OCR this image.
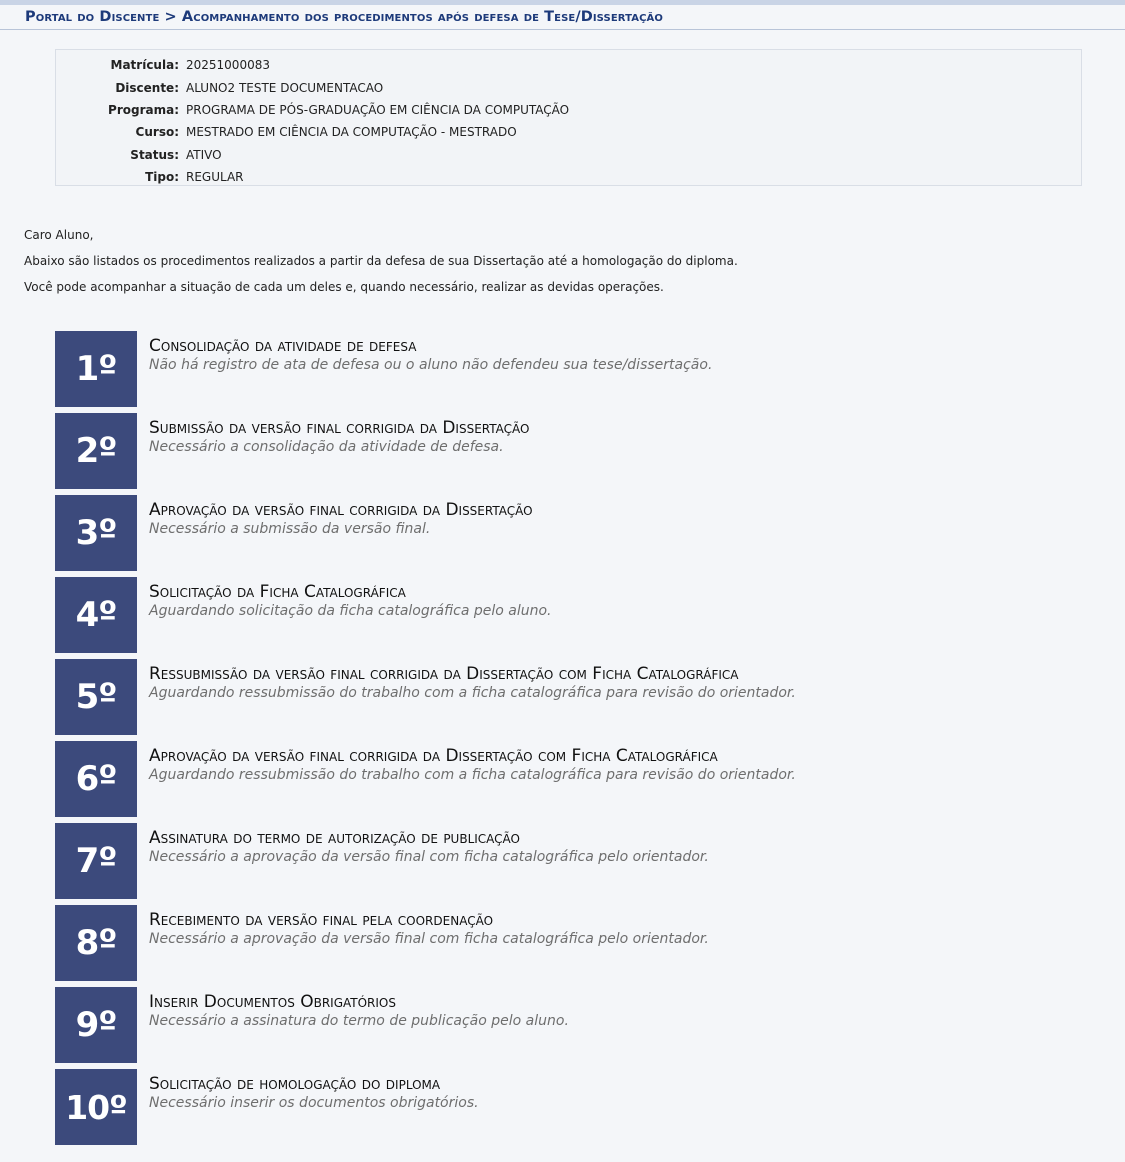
Portal do Discente > Acompanhamento dos procedimentos após defesa de Tese/Dissertação
Matrícula: 20251000083
Discente: ALUNO2 TESTE DOCUMENTACAO
Programa: PROGRAMA DE PÓS-GRADUAÇÃO EM CIÊNCIA DA COMPUTAÇÃO
Curso: MESTRADO EM CIÊNCIA DA COMPUTAÇÃO - MESTRADO
Status: ATIVO
Tipo: REGULAR

Caro Aluno,

Abaixo são listados os procedimentos realizados a partir da defesa de sua Dissertação até a homologação do diploma.

Você pode acompanhar a situação de cada um deles e, quando necessário, realizar as devidas operações.

1º
Consolidação da atividade de defesa
Não há registro de ata de defesa ou o aluno não defendeu sua tese/dissertação.
2º
Submissão da versão final corrigida da Dissertação
Necessário a consolidação da atividade de defesa.
3º
Aprovação da versão final corrigida da Dissertação
Necessário a submissão da versão final.
4º
Solicitação da Ficha Catalográfica
Aguardando solicitação da ficha catalográfica pelo aluno.
5º
Ressubmissão da versão final corrigida da Dissertação com Ficha Catalográfica
Aguardando ressubmissão do trabalho com a ficha catalográfica para revisão do orientador.
6º
Aprovação da versão final corrigida da Dissertação com Ficha Catalográfica
Aguardando ressubmissão do trabalho com a ficha catalográfica para revisão do orientador.
7º
Assinatura do termo de autorização de publicação
Necessário a aprovação da versão final com ficha catalográfica pelo orientador.
8º
Recebimento da versão final pela coordenação
Necessário a aprovação da versão final com ficha catalográfica pelo orientador.
9º
Inserir Documentos Obrigatórios
Necessário a assinatura do termo de publicação pelo aluno.
10º
Solicitação de homologação do diploma
Necessário inserir os documentos obrigatórios.
